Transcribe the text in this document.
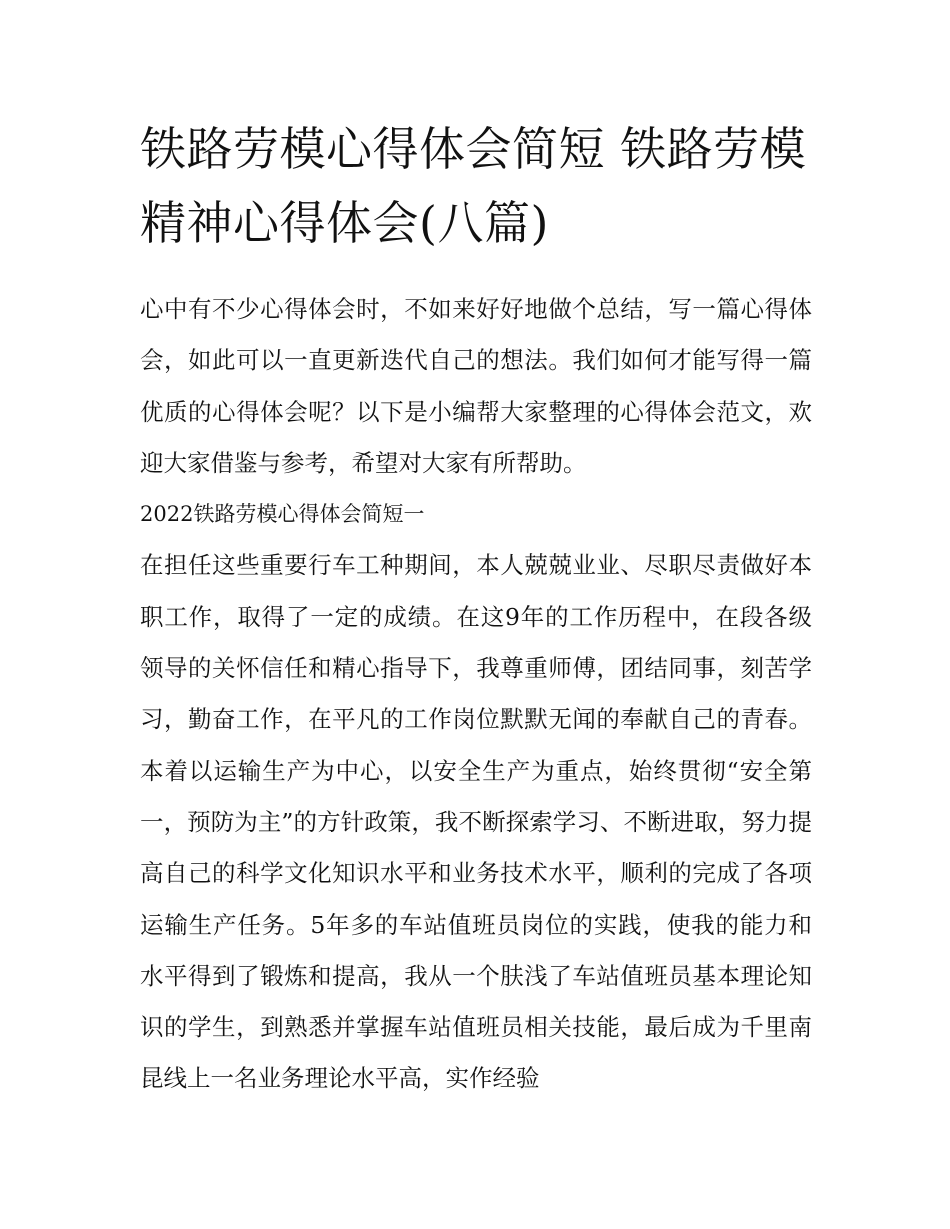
铁路劳模心得体会简短 铁路劳模精神心得体会(八篇)

心中有不少心得体会时，不如来好好地做个总结，写一篇心得体会，如此可以一直更新迭代自己的想法。我们如何才能写得一篇优质的心得体会呢？以下是小编帮大家整理的心得体会范文，欢迎大家借鉴与参考，希望对大家有所帮助。

2022铁路劳模心得体会简短一

在担任这些重要行车工种期间，本人兢兢业业、尽职尽责做好本职工作，取得了一定的成绩。在这9年的工作历程中，在段各级领导的关怀信任和精心指导下，我尊重师傅，团结同事，刻苦学习，勤奋工作，在平凡的工作岗位默默无闻的奉献自己的青春。本着以运输生产为中心，以安全生产为重点，始终贯彻“安全第一，预防为主”的方针政策，我不断探索学习、不断进取，努力提高自己的科学文化知识水平和业务技术水平，顺利的完成了各项运输生产任务。5年多的车站值班员岗位的实践，使我的能力和水平得到了锻炼和提高，我从一个肤浅了车站值班员基本理论知识的学生，到熟悉并掌握车站值班员相关技能，最后成为千里南昆线上一名业务理论水平高，实作经验
